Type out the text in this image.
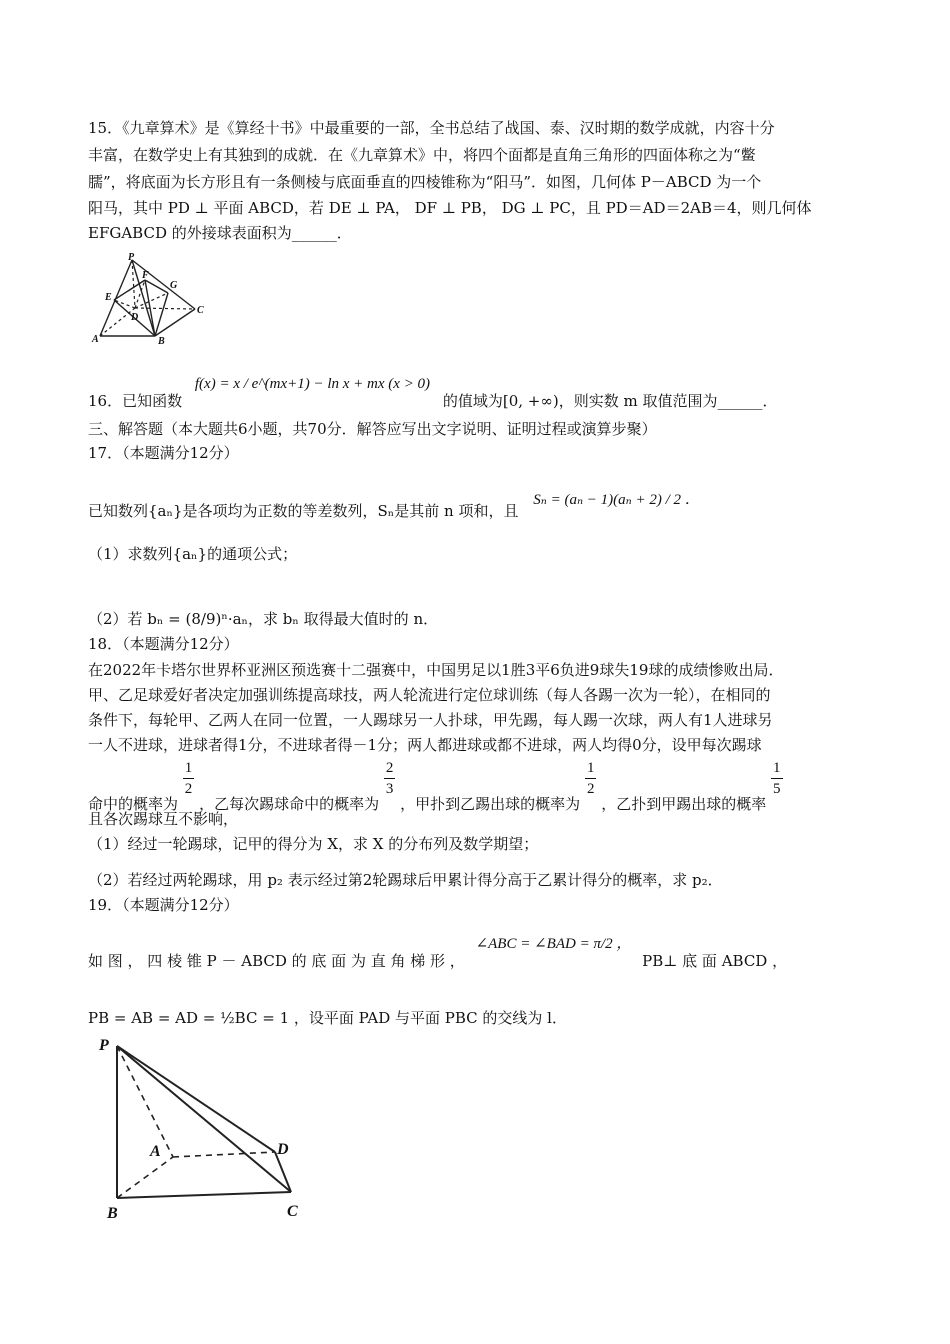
15．《九章算术》是《算经十书》中最重要的一部，全书总结了战国、泰、汉时期的数学成就，内容十分
丰富，在数学史上有其独到的成就．在《九章算术》中，将四个面都是直角三角形的四面体称之为“鳖
臑”，将底面为长方形且有一条侧棱与底面垂直的四棱锥称为“阳马”．如图，几何体 P－ABCD 为一个
阳马，其中 PD ⊥ 平面 ABCD，若 DE ⊥ PA， DF ⊥ PB， DG ⊥ PC，且 PD＝AD＝2AB＝4，则几何体
EFGABCD 的外接球表面积为______．
P
F
G
E
D
C
A	B
16．已知函数 f(x) = x / e^(mx+1) − ln x + mx (x > 0) 的值域为[0, +∞)，则实数 m 取值范围为______．
三、解答题（本大题共6小题，共70分．解答应写出文字说明、证明过程或演算步聚）
17．（本题满分12分）
已知数列{aₙ}是各项均为正数的等差数列，Sₙ是其前 n 项和，且 Sₙ = (aₙ − 1)(aₙ + 2) / 2 ．
（1）求数列{aₙ}的通项公式；
（2）若 bₙ = (8/9)ⁿ·aₙ，求 bₙ 取得最大值时的 n．
18．（本题满分12分）
在2022年卡塔尔世界杯亚洲区预选赛十二强赛中，中国男足以1胜3平6负进9球失19球的成绩惨败出局．
甲、乙足球爱好者决定加强训练提高球技，两人轮流进行定位球训练（每人各踢一次为一轮），在相同的
条件下，每轮甲、乙两人在同一位置，一人踢球另一人扑球，甲先踢，每人踢一次球，两人有1人进球另
一人不进球，进球者得1分，不进球者得－1分；两人都进球或都不进球，两人均得0分，设甲每次踢球
命中的概率为
$\frac{1}{2}$
，乙每次踢球命中的概率为
$\frac{2}{3}$
，甲扑到乙踢出球的概率为
$\frac{1}{2}$
，乙扑到甲踢出球的概率
$\frac{1}{5}$
且各次踢球互不影响，
（1）经过一轮踢球，记甲的得分为 X，求 X 的分布列及数学期望；
（2）若经过两轮踢球，用 p₂ 表示经过第2轮踢球后甲累计得分高于乙累计得分的概率，求 p₂．
19．（本题满分12分）
如 图 ， 四 棱 锥 P － ABCD 的 底 面 为 直 角 梯 形 ， ∠ABC = ∠BAD = π/2 ， PB⊥ 底 面 ABCD ，
PB = AB = AD = ½BC = 1 ，设平面 PAD 与平面 PBC 的交线为 l．
P
A	D
B	C
